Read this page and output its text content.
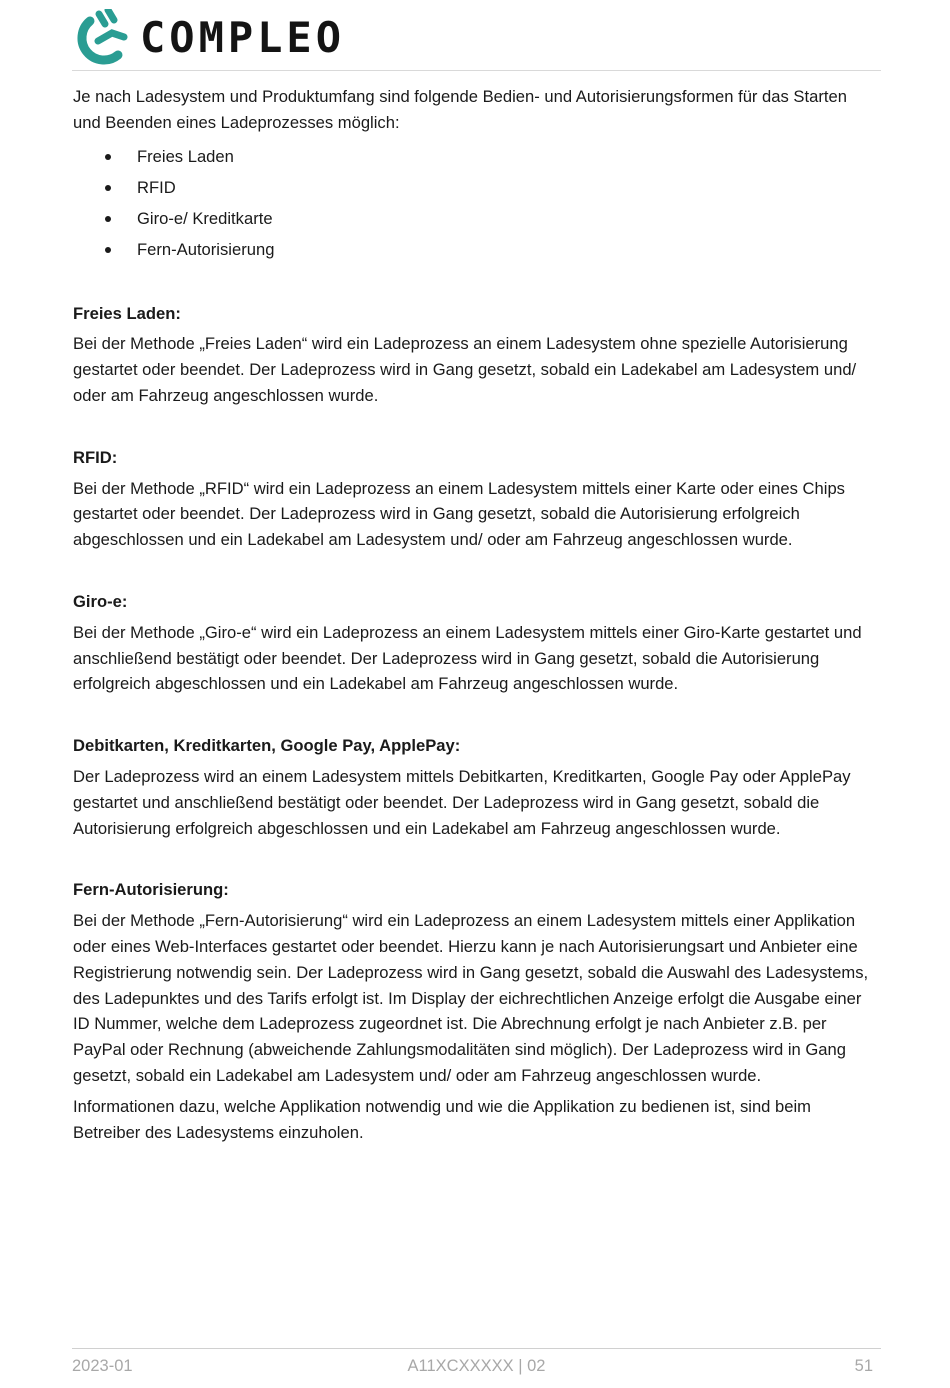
COMPLEO

Je nach Ladesystem und Produktumfang sind folgende Bedien- und Autorisierungsformen für das Starten und Beenden eines Ladeprozesses möglich:

Freies Laden
RFID
Giro-e/ Kreditkarte
Fern-Autorisierung
Freies Laden:

Bei der Methode „Freies Laden“ wird ein Ladeprozess an einem Ladesystem ohne spezielle Autorisierung gestartet oder beendet. Der Ladeprozess wird in Gang gesetzt, sobald ein Ladekabel am Ladesystem und/ oder am Fahrzeug angeschlossen wurde.

RFID:

Bei der Methode „RFID“ wird ein Ladeprozess an einem Ladesystem mittels einer Karte oder eines Chips gestartet oder beendet. Der Ladeprozess wird in Gang gesetzt, sobald die Autorisierung erfolgreich abgeschlossen und ein Ladekabel am Ladesystem und/ oder am Fahrzeug angeschlossen wurde.

Giro-e:

Bei der Methode „Giro-e“ wird ein Ladeprozess an einem Ladesystem mittels einer Giro-Karte gestartet und anschließend bestätigt oder beendet. Der Ladeprozess wird in Gang gesetzt, sobald die Autorisierung erfolgreich abgeschlossen und ein Ladekabel am Fahrzeug angeschlossen wurde.

Debitkarten, Kreditkarten, Google Pay, ApplePay:

Der Ladeprozess wird an einem Ladesystem mittels Debitkarten, Kreditkarten, Google Pay oder ApplePay gestartet und anschließend bestätigt oder beendet. Der Ladeprozess wird in Gang gesetzt, sobald die Autorisierung erfolgreich abgeschlossen und ein Ladekabel am Fahrzeug angeschlossen wurde.

Fern-Autorisierung:

Bei der Methode „Fern-Autorisierung“ wird ein Ladeprozess an einem Ladesystem mittels einer Applikation oder eines Web-Interfaces gestartet oder beendet. Hierzu kann je nach Autorisierungsart und Anbieter eine Registrierung notwendig sein. Der Ladeprozess wird in Gang gesetzt, sobald die Auswahl des Ladesystems, des Ladepunktes und des Tarifs erfolgt ist. Im Display der eichrechtlichen Anzeige erfolgt die Ausgabe einer ID Nummer, welche dem Ladeprozess zugeordnet ist. Die Abrechnung erfolgt je nach Anbieter z.B. per PayPal oder Rechnung (abweichende Zahlungsmodalitäten sind möglich). Der Ladeprozess wird in Gang gesetzt, sobald ein Ladekabel am Ladesystem und/ oder am Fahrzeug angeschlossen wurde.

Informationen dazu, welche Applikation notwendig und wie die Applikation zu bedienen ist, sind beim Betreiber des Ladesystems einzuholen.

2023-01	A11XCXXXXX | 02	51
